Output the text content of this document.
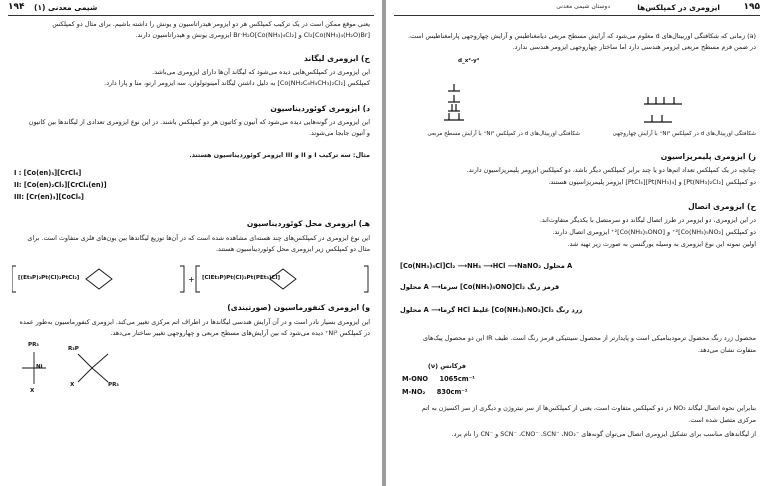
۱۹۴ شیمی معدنی (۱)
یعنی موقع ممکن است در یک ترکیب کمپلکس هر دو ایزومر هیدراتاسیون و یونش را داشته باشیم. برای مثال دو کمپلکس
[Co(NH₃)₄(H₂O)Br]Cl₂ و [Co(NH₃)₄Cl₂]Br·H₂O ایزومری یونش و هیدراتاسیون دارند.
ج) ایزومری لیگاند
این ایزومری در کمپلکس‌هایی دیده می‌شود که لیگاند آن‌ها دارای ایزومری می‌باشد.
کمپلکس [Co(NH₂C₆H₄CH₃)₂Cl₂] به دلیل داشتن لیگاند آمینوتولوئن، سه ایزومر ارتو، متا و پارا دارد.
د) ایزومری کوئوردیناسیون
این ایزومری در گونه‌هایی دیده می‌شود که آنیون و کاتیون هر دو کمپلکس باشند. در این نوع ایزومری تعدادی از لیگاندها بین کاتیون
و آنیون جابجا می‌شوند.
مثال: سه ترکیب I و II و III ایزومر کوئوردیناسیون هستند.
I : [Co(en)₃][CrCl₆]
II: [Co(en)₂Cl₂][CrCl₄(en)]
III: [Cr(en)₃][CoCl₆]
هـ) ایزومری محل کوئوردیناسیون
این نوع ایزومری در کمپلکس‌های چند هسته‌ای مشاهده شده است که در آن‌ها توزیع لیگاندها بین یون‌های فلزی متفاوت است. برای
مثال دو کمپلکس زیر ایزومری محل کوئوردیناسیون هستند.
+
[(Et₃P)₂Pt(Cl)₂PtCl₂]	[ClEt₃P)Pt(Cl)₂Pt(PEt₃)Cl]
و) ایزومری کنفورماسیون (صورتبندی)
این ایزومری بسیار نادر است و در آن آرایش هندسی لیگاندها در اطراف اتم مرکزی تغییر می‌کند. ایزومری کنفورماسیون به‌طور عمده
در کمپلکس Ni²⁺ دیده می‌شود که بین آرایش‌های مسطح مربعی و چهاروجهی تغییر ساختار می‌دهد.
PR₃
R₃P
Ni
X	PR₃
X
۱۹۵
ایزومری در کمپلکس‌ها
دوستان شیمی معدنی
(a) زمانی که شکافتگی اوربیتال‌های d معلوم می‌شود که آرایش مسطح مربعی دیامغناطیس و آرایش چهاروجهی پارامغناطیس است.
در ضمن فرم مسطح مربعی ایزومر هندسی دارد اما ساختار چهاروجهی ایزومر هندسی ندارد.
d_x²-y²
شکافتگی اوربیتال‌های d در کمپلکس Ni²⁺ با آرایش چهاروجهی
شکافتگی اوربیتال‌های d در کمپلکس Ni²⁺ با آرایش مسطح مربعی
ز) ایزومری پلیمریزاسیون
چنانچه در یک کمپلکس تعداد اتم‌ها دو یا چند برابر کمپلکس دیگر باشد، دو کمپلکس ایزومر پلیمریزاسیون دارند.
دو کمپلکس [Pt(NH₃)₂Cl₂] و [Pt(NH₃)₄][PtCl₄] ایزومر پلیمریزاسیون هستند.
ح) ایزومری اتصال
در این ایزومری، دو ایزومر در طرز اتصال لیگاند دو سرمتصل با یکدیگر متفاوت‌اند.
دو کمپلکس [Co(NH₃)₅NO₂]²⁺ و [Co(NH₃)₅ONO]²⁺ ایزومری اتصال دارند.
اولین نمونه این نوع ایزومری به وسیله یورگنسن به صورت زیر تهیه شد.
[Co(NH₃)₅Cl]Cl₂ ⟶NH₃ ⟶HCl ⟶NaNO₂ محلول A
محلول A ⟶سرما [Co(NH₃)₅ONO]Cl₂ قرمز رنگ
محلول A ⟶گرما HCl غلیظ [Co(NH₃)₅NO₂]Cl₂ زرد رنگ
محصول زرد رنگ محصول ترمودینامیکی است و پایدارتر از محصول سینتیکی قرمز رنگ است. طیف IR این دو محصول پیک‌های
متفاوت نشان می‌دهد.
فرکانس (ν)
M-ONO     1065cm⁻¹
M-NO₂     830cm⁻¹
بنابراین نحوه اتصال لیگاند NO₂ در دو کمپلکس متفاوت است، یعنی از کمپلکس‌ها از سر نیتروژن و دیگری از سر اکسیژن به اتم
مرکزی متصل شده است.
از لیگاندهای مناسب برای تشکیل ایزومری اتصال می‌توان گونه‌های ⁻SCN⁻ ،CNO⁻ ،SCN⁻ ،NO₂ و ⁻CN را نام برد.
